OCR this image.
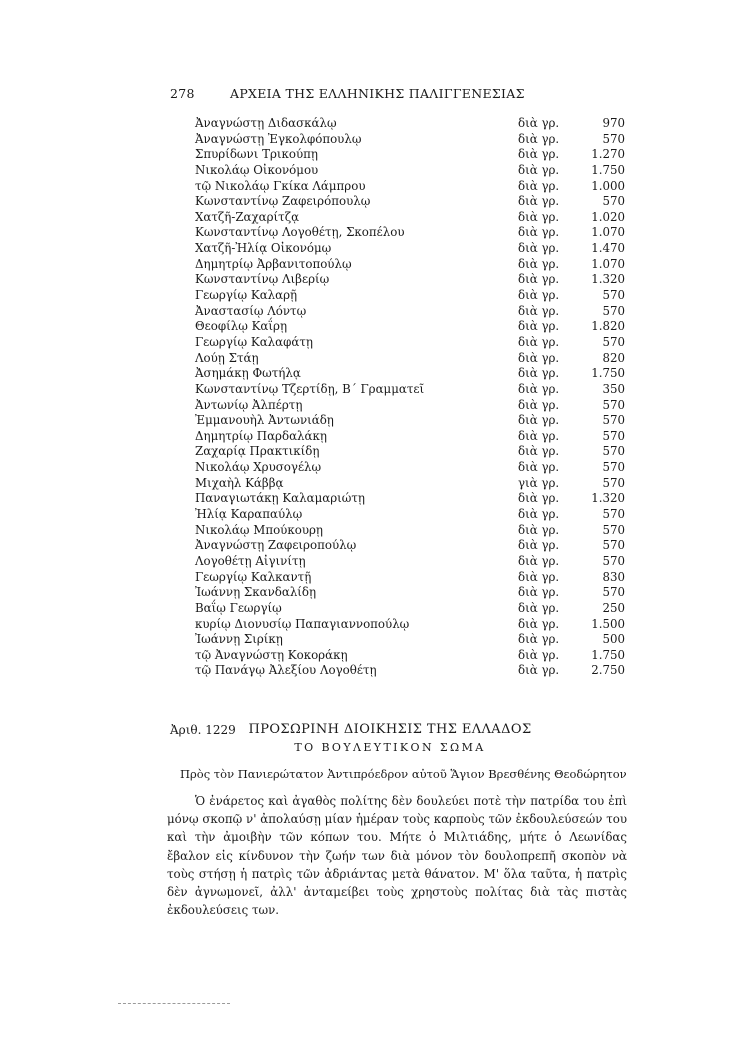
278	ΑΡΧΕΙΑ ΤΗΣ ΕΛΛΗΝΙΚΗΣ ΠΑΛΙΓΓΕΝΕΣΙΑΣ
Ἀναγνώστῃ Διδασκάλῳ	διὰ γρ.	970
Ἀναγνώστῃ Ἐγκολφόπουλῳ	διὰ γρ.	570
Σπυρίδωνι Τρικούπῃ	διὰ γρ.	1.270
Νικολάῳ Οἰκονόμου	διὰ γρ.	1.750
τῷ Νικολάῳ Γκίκα Λάμπρου	διὰ γρ.	1.000
Κωνσταντίνῳ Ζαφειρόπουλῳ	διὰ γρ.	570
Χατζῆ-Ζαχαρίτζᾳ	διὰ γρ.	1.020
Κωνσταντίνῳ Λογοθέτῃ, Σκοπέλου	διὰ γρ.	1.070
Χατζῆ-Ἠλίᾳ Οἰκονόμῳ	διὰ γρ.	1.470
Δημητρίῳ Ἀρβανιτοπούλῳ	διὰ γρ.	1.070
Κωνσταντίνῳ Λιβερίῳ	διὰ γρ.	1.320
Γεωργίῳ Καλαρῇ	διὰ γρ.	570
Ἀναστασίῳ Λόντῳ	διὰ γρ.	570
Θεοφίλῳ Καΐρῃ	διὰ γρ.	1.820
Γεωργίῳ Καλαφάτῃ	διὰ γρ.	570
Λούῃ Στάῃ	διὰ γρ.	820
Ἀσημάκῃ Φωτήλᾳ	διὰ γρ.	1.750
Κωνσταντίνῳ Τζερτίδῃ, Β΄ Γραμματεῖ	διὰ γρ.	350
Ἀντωνίῳ Ἀλπέρτῃ	διὰ γρ.	570
Ἐμμανουὴλ Ἀντωνιάδῃ	διὰ γρ.	570
Δημητρίῳ Παρδαλάκῃ	διὰ γρ.	570
Ζαχαρίᾳ Πρακτικίδῃ	διὰ γρ.	570
Νικολάῳ Χρυσογέλῳ	διὰ γρ.	570
Μιχαὴλ Κάββᾳ	γιὰ γρ.	570
Παναγιωτάκῃ Καλαμαριώτῃ	διὰ γρ.	1.320
Ἠλίᾳ Καραπαύλῳ	διὰ γρ.	570
Νικολάῳ Μπούκουρῃ	διὰ γρ.	570
Ἀναγνώστῃ Ζαφειροπούλῳ	διὰ γρ.	570
Λογοθέτῃ Αἰγινίτῃ	διὰ γρ.	570
Γεωργίῳ Καλκαντῇ	διὰ γρ.	830
Ἰωάννῃ Σκανδαλίδῃ	διὰ γρ.	570
Βαΐῳ Γεωργίῳ	διὰ γρ.	250
κυρίῳ Διονυσίῳ Παπαγιαννοπούλῳ	διὰ γρ.	1.500
Ἰωάννῃ Σιρίκῃ	διὰ γρ.	500
τῷ Ἀναγνώστῃ Κοκοράκῃ	διὰ γρ.	1.750
τῷ Πανάγῳ Ἀλεξίου Λογοθέτῃ	διὰ γρ.	2.750
Ἀριθ. 1229 ΠΡΟΣΩΡΙΝΗ ΔΙΟΙΚΗΣΙΣ ΤΗΣ ΕΛΛΑΔΟΣ
ΤΟ ΒΟΥΛΕΥΤΙΚΟΝ ΣΩΜΑ
Πρὸς τὸν Πανιερώτατον Ἀντιπρόεδρον αὐτοῦ Ἅγιον Βρεσθένης Θεοδώρητον
Ὁ ἐνάρετος καὶ ἀγαθὸς πολίτης δὲν δουλεύει ποτὲ τὴν πατρίδα του ἐπὶ μόνῳ σκοπῷ ν' ἀπολαύσῃ μίαν ἡμέραν τοὺς καρποὺς τῶν ἐκδουλεύσεών του καὶ τὴν ἀμοιβὴν τῶν κόπων του. Μήτε ὁ Μιλτιάδης, μήτε ὁ Λεωνίδας ἔβαλον εἰς κίνδυνον τὴν ζωήν των διὰ μόνον τὸν δουλοπρεπῆ σκοπὸν νὰ τοὺς στήσῃ ἡ πατρὶς τῶν ἀδριάντας μετὰ θάνατον. Μ' ὅλα ταῦτα, ἡ πατρὶς δὲν ἀγνωμονεῖ, ἀλλ' ἀνταμείβει τοὺς χρηστοὺς πολίτας διὰ τὰς πιστὰς ἐκδουλεύσεις των.
